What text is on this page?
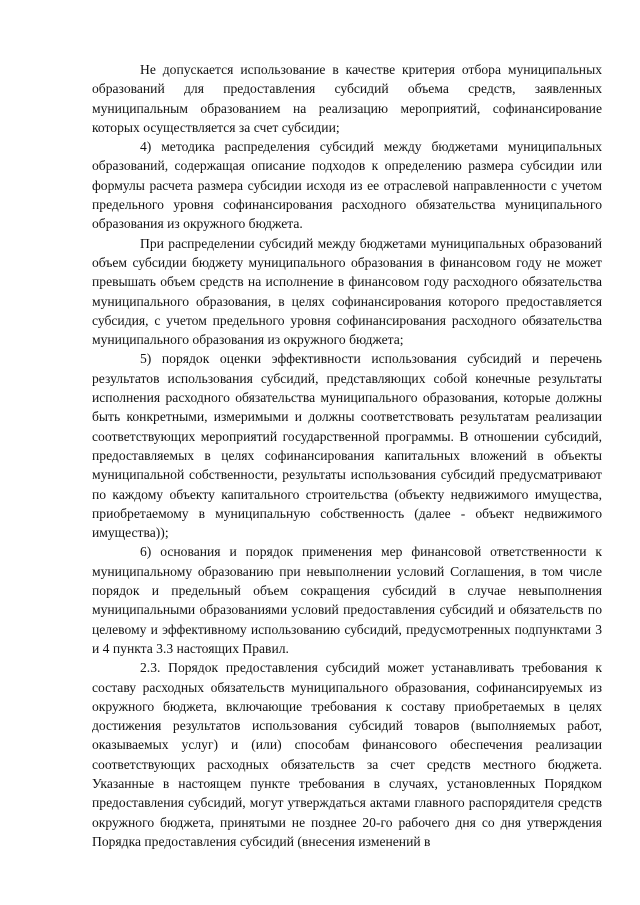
Не допускается использование в качестве критерия отбора муниципальных образований для предоставления субсидий объема средств, заявленных муниципальным образованием на реализацию мероприятий, софинансирование которых осуществляется за счет субсидии;

4) методика распределения субсидий между бюджетами муниципальных образований, содержащая описание подходов к определению размера субсидии или формулы расчета размера субсидии исходя из ее отраслевой направленности с учетом предельного уровня софинансирования расходного обязательства муниципального образования из окружного бюджета.

При распределении субсидий между бюджетами муниципальных образований объем субсидии бюджету муниципального образования в финансовом году не может превышать объем средств на исполнение в финансовом году расходного обязательства муниципального образования, в целях софинансирования которого предоставляется субсидия, с учетом предельного уровня софинансирования расходного обязательства муниципального образования из окружного бюджета;

5) порядок оценки эффективности использования субсидий и перечень результатов использования субсидий, представляющих собой конечные результаты исполнения расходного обязательства муниципального образования, которые должны быть конкретными, измеримыми и должны соответствовать результатам реализации соответствующих мероприятий государственной программы. В отношении субсидий, предоставляемых в целях софинансирования капитальных вложений в объекты муниципальной собственности, результаты использования субсидий предусматривают по каждому объекту капитального строительства (объекту недвижимого имущества, приобретаемому в муниципальную собственность (далее - объект недвижимого имущества));

6) основания и порядок применения мер финансовой ответственности к муниципальному образованию при невыполнении условий Соглашения, в том числе порядок и предельный объем сокращения субсидий в случае невыполнения муниципальными образованиями условий предоставления субсидий и обязательств по целевому и эффективному использованию субсидий, предусмотренных подпунктами 3 и 4 пункта 3.3 настоящих Правил.

2.3. Порядок предоставления субсидий может устанавливать требования к составу расходных обязательств муниципального образования, софинансируемых из окружного бюджета, включающие требования к составу приобретаемых в целях достижения результатов использования субсидий товаров (выполняемых работ, оказываемых услуг) и (или) способам финансового обеспечения реализации соответствующих расходных обязательств за счет средств местного бюджета. Указанные в настоящем пункте требования в случаях, установленных Порядком предоставления субсидий, могут утверждаться актами главного распорядителя средств окружного бюджета, принятыми не позднее 20-го рабочего дня со дня утверждения Порядка предоставления субсидий (внесения изменений в
